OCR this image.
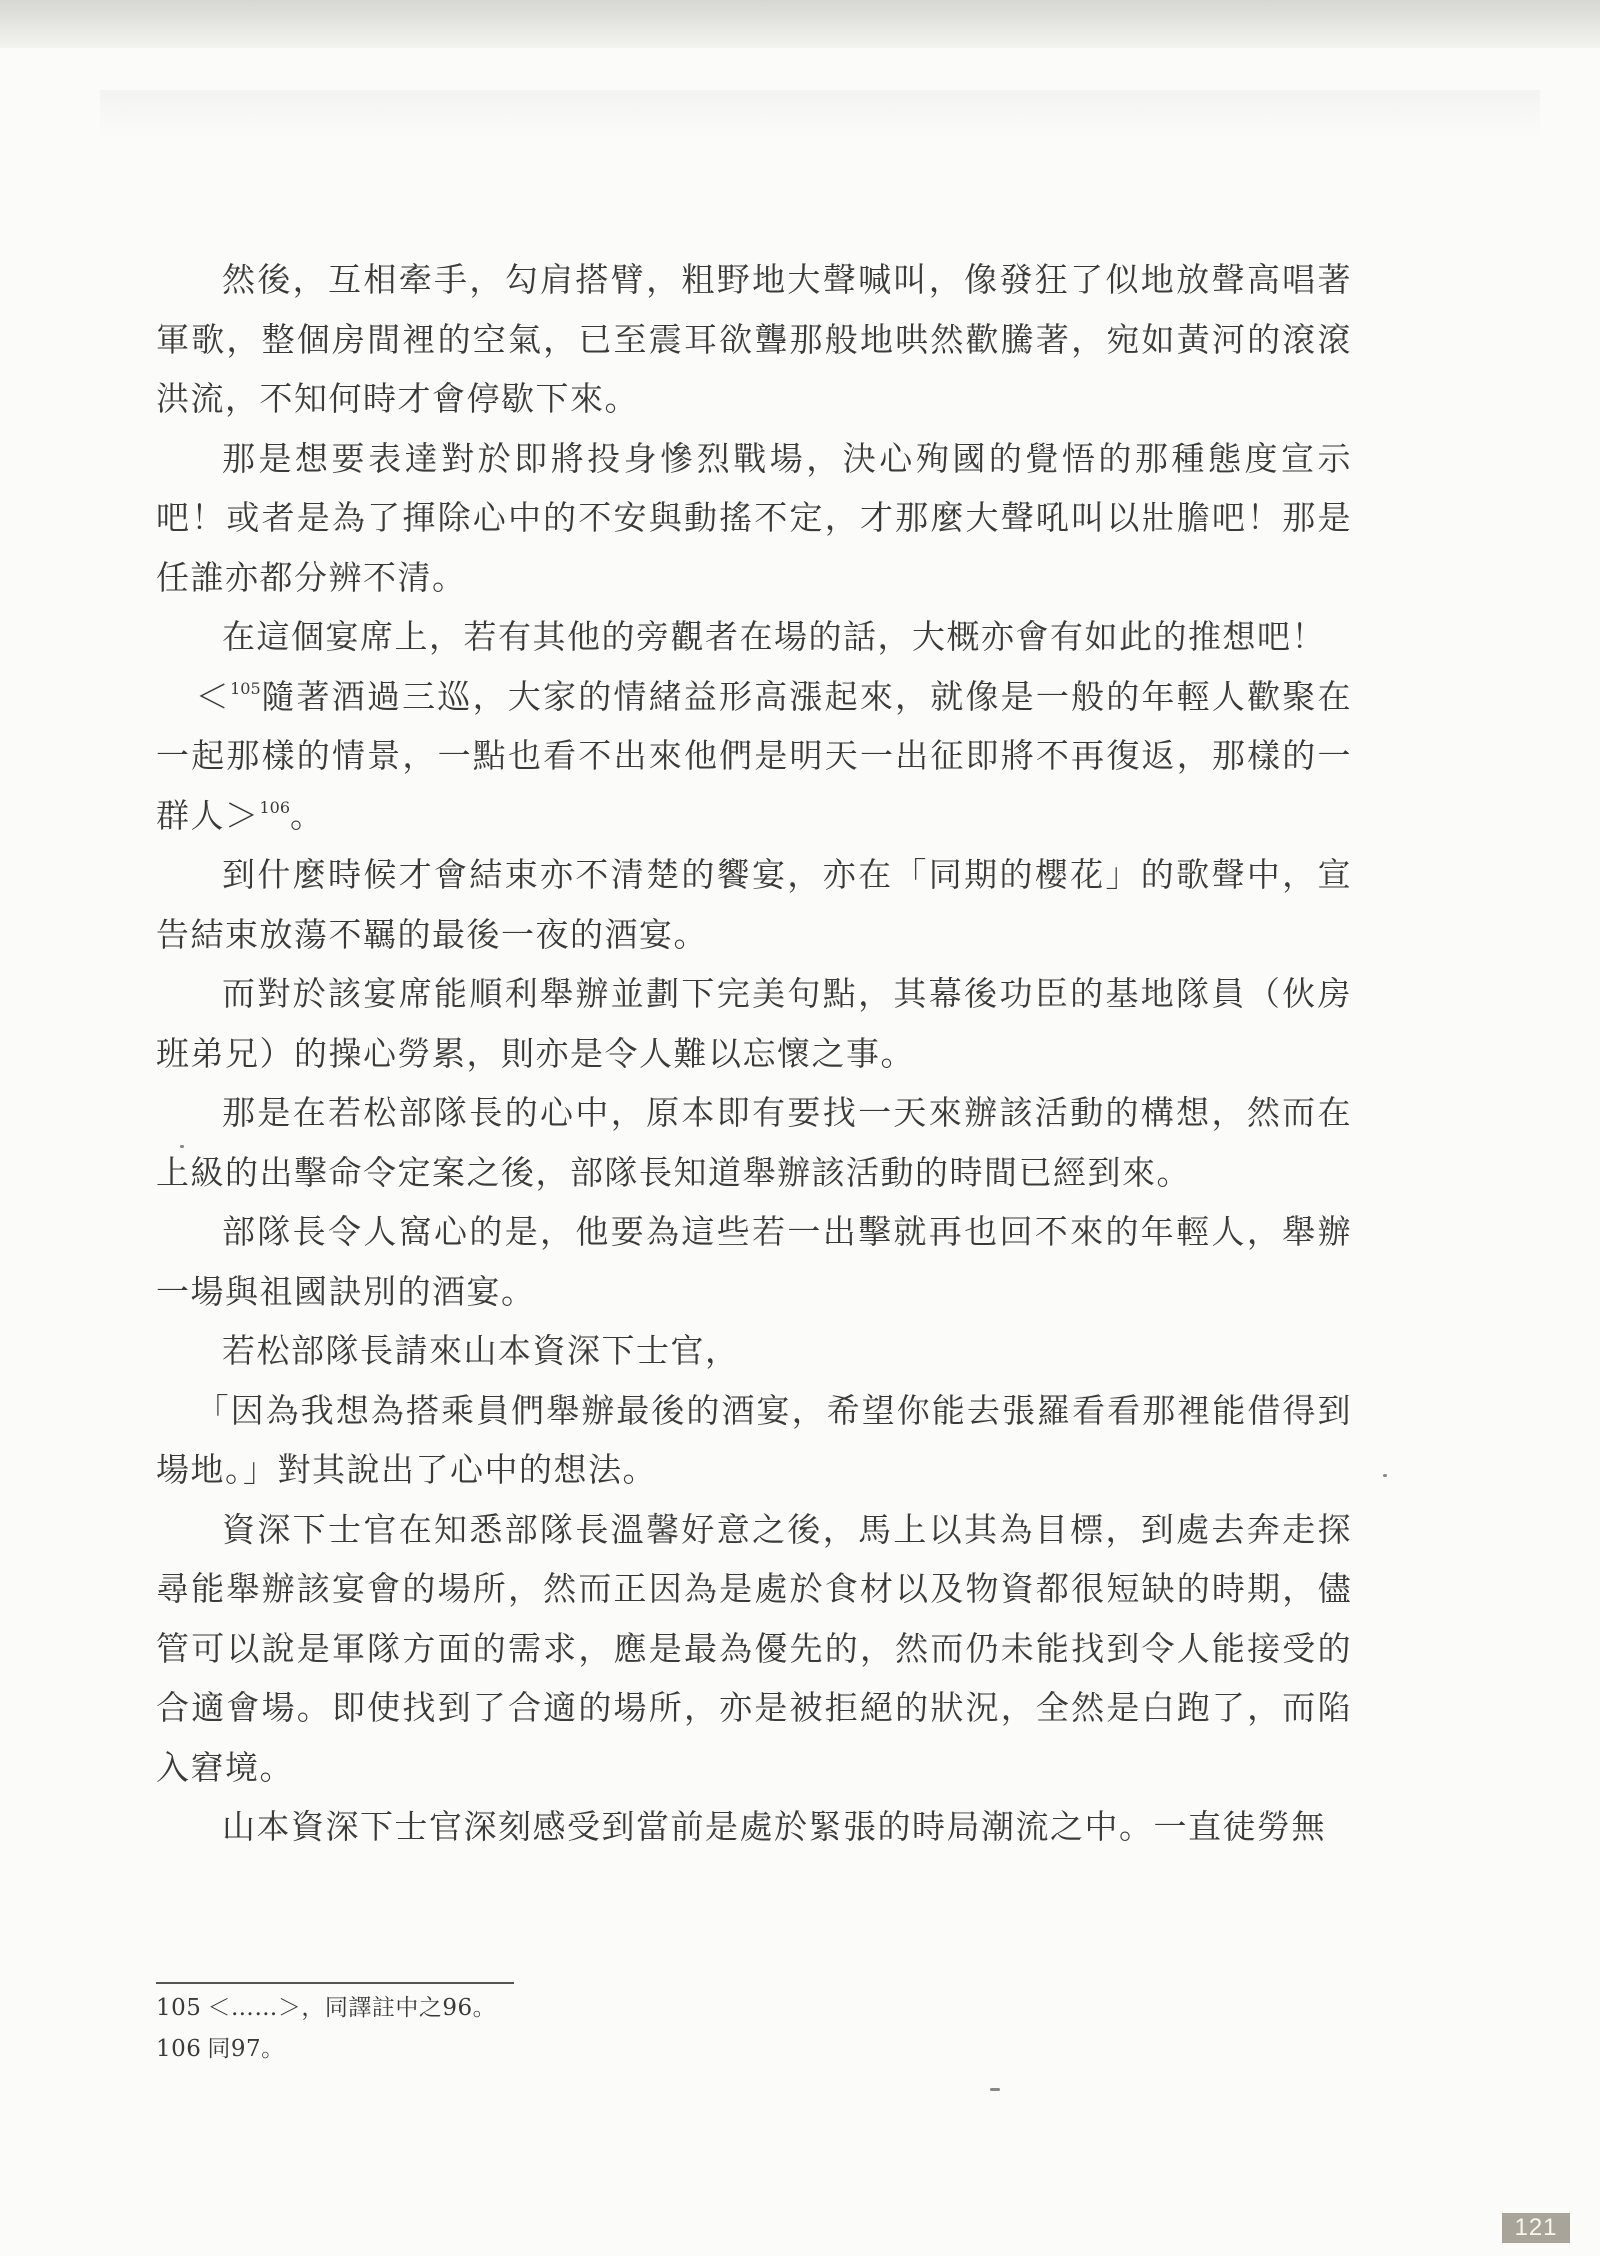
然後，互相牽手，勾肩搭臂，粗野地大聲喊叫，像發狂了似地放聲高唱著軍歌，整個房間裡的空氣，已至震耳欲聾那般地哄然歡騰著，宛如黃河的滾滾洪流，不知何時才會停歇下來。

那是想要表達對於即將投身慘烈戰場，決心殉國的覺悟的那種態度宣示吧！或者是為了揮除心中的不安與動搖不定，才那麼大聲吼叫以壯膽吧！那是任誰亦都分辨不清。

在這個宴席上，若有其他的旁觀者在場的話，大概亦會有如此的推想吧！

＜$^{105}$隨著酒過三巡，大家的情緒益形高漲起來，就像是一般的年輕人歡聚在一起那樣的情景，一點也看不出來他們是明天一出征即將不再復返，那樣的一群人＞$^{106}$。

到什麼時候才會結束亦不清楚的饗宴，亦在「同期的櫻花」的歌聲中，宣告結束放蕩不羈的最後一夜的酒宴。

而對於該宴席能順利舉辦並劃下完美句點，其幕後功臣的基地隊員（伙房班弟兄）的操心勞累，則亦是令人難以忘懷之事。

那是在若松部隊長的心中，原本即有要找一天來辦該活動的構想，然而在上級的出擊命令定案之後，部隊長知道舉辦該活動的時間已經到來。

部隊長令人窩心的是，他要為這些若一出擊就再也回不來的年輕人，舉辦一場與祖國訣別的酒宴。

若松部隊長請來山本資深下士官，

「因為我想為搭乘員們舉辦最後的酒宴，希望你能去張羅看看那裡能借得到場地。」對其說出了心中的想法。

資深下士官在知悉部隊長溫馨好意之後，馬上以其為目標，到處去奔走探尋能舉辦該宴會的場所，然而正因為是處於食材以及物資都很短缺的時期，儘管可以說是軍隊方面的需求，應是最為優先的，然而仍未能找到令人能接受的合適會場。即使找到了合適的場所，亦是被拒絕的狀況，全然是白跑了，而陷入窘境。

山本資深下士官深刻感受到當前是處於緊張的時局潮流之中。一直徒勞無

105 ＜……＞，同譯註中之96。

106 同97。

121
